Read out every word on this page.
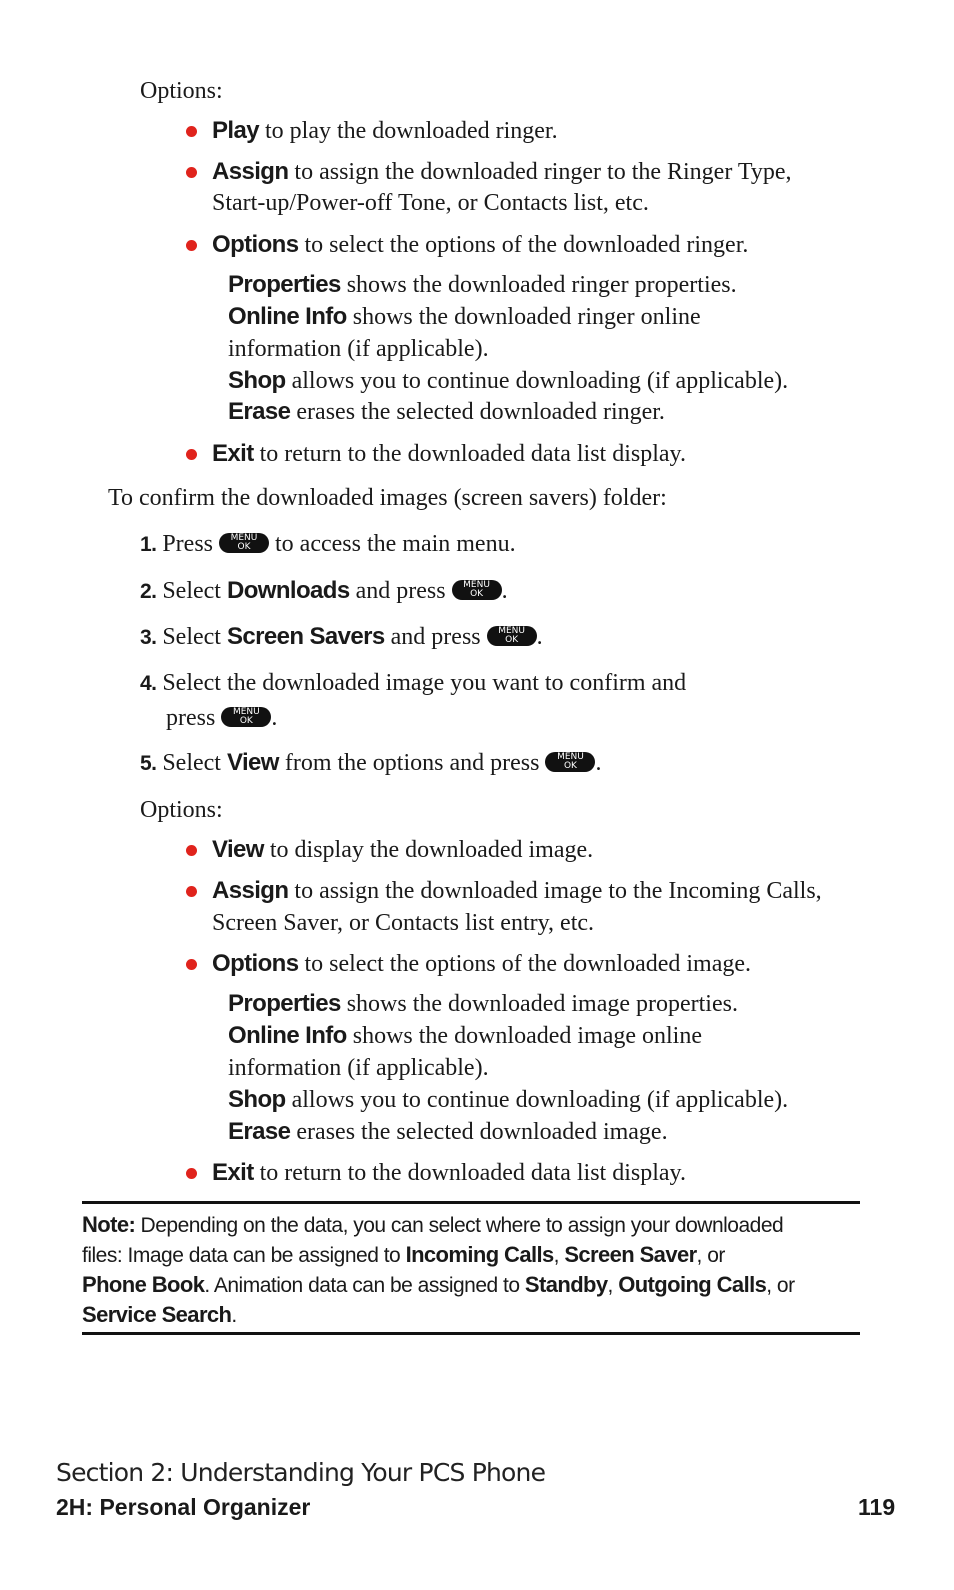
Options:
Play to play the downloaded ringer.
Assign to assign the downloaded ringer to the Ringer Type,
Start-up/Power-off Tone, or Contacts list, etc.
Options to select the options of the downloaded ringer.
Properties shows the downloaded ringer properties.
Online Info shows the downloaded ringer online
information (if applicable).
Shop allows you to continue downloading (if applicable).
Erase erases the selected downloaded ringer.
Exit to return to the downloaded data list display.
To confirm the downloaded images (screen savers) folder:
1. Press	MENU
OK to access the main menu.
2. Select Downloads and press	MENU
OK .
3. Select Screen Savers and press	MENU
OK .
4. Select the downloaded image you want to confirm and
press	MENU
OK .
5. Select View from the options and press	MENU
OK .
Options:
View to display the downloaded image.
Assign to assign the downloaded image to the Incoming Calls,
Screen Saver, or Contacts list entry, etc.
Options to select the options of the downloaded image.
Properties shows the downloaded image properties.
Online Info shows the downloaded image online
information (if applicable).
Shop allows you to continue downloading (if applicable).
Erase erases the selected downloaded image.
Exit to return to the downloaded data list display.
Note: Depending on the data, you can select where to assign your downloaded
files: Image data can be assigned to Incoming Calls, Screen Saver, or
Phone Book. Animation data can be assigned to Standby, Outgoing Calls, or
Service Search.
Section 2: Understanding Your PCS Phone
2H: Personal Organizer	119
